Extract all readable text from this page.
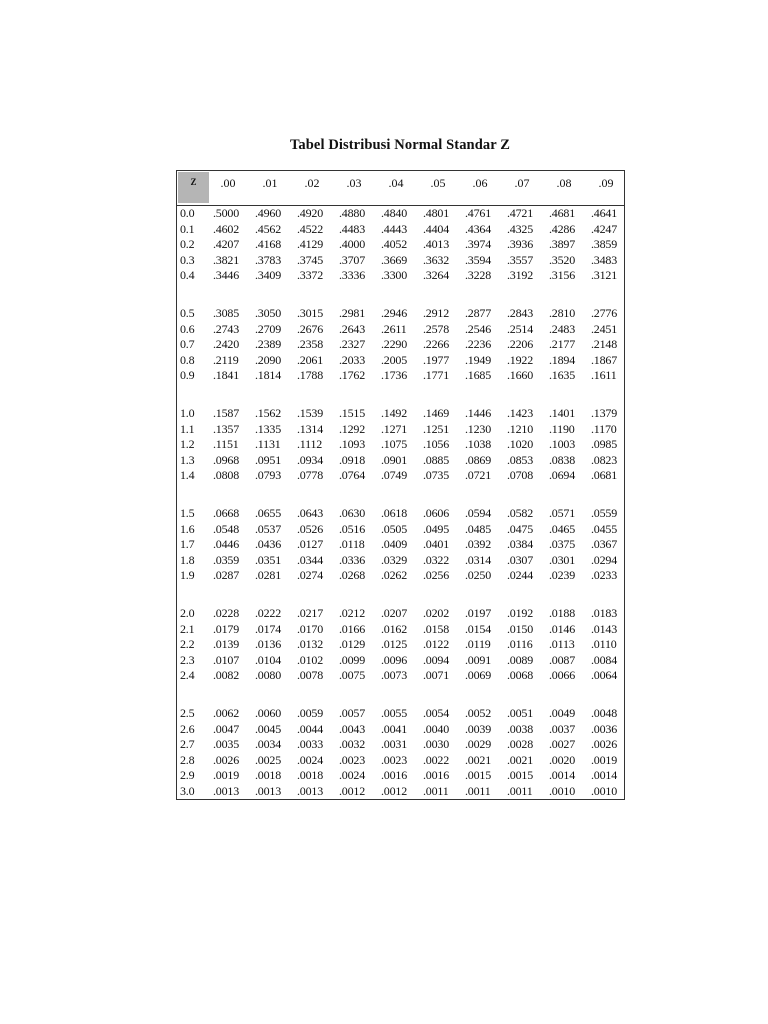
Tabel Distribusi Normal Standar Z
Z	.00	.01	.02	.03	.04	.05	.06	.07	.08	.09
0.0	.5000 .4960 .4920 .4880 .4840 .4801 .4761 .4721 .4681 .4641
0.1	.4602 .4562 .4522 .4483 .4443 .4404 .4364 .4325 .4286 .4247
0.2	.4207 .4168 .4129 .4000 .4052 .4013 .3974 .3936 .3897 .3859
0.3	.3821 .3783 .3745 .3707 .3669 .3632 .3594 .3557 .3520 .3483
0.4	.3446 .3409 .3372 .3336 .3300 .3264 .3228 .3192 .3156 .3121
0.5	.3085 .3050 .3015 .2981 .2946 .2912 .2877 .2843 .2810 .2776
0.6	.2743 .2709 .2676 .2643 .2611 .2578 .2546 .2514 .2483 .2451
0.7	.2420 .2389 .2358 .2327 .2290 .2266 .2236 .2206 .2177 .2148
0.8	.2119 .2090 .2061 .2033 .2005 .1977 .1949 .1922 .1894 .1867
0.9	.1841 .1814 .1788 .1762 .1736 .1771 .1685 .1660 .1635 .1611
1.0	.1587 .1562 .1539 .1515 .1492 .1469 .1446 .1423 .1401 .1379
1.1	.1357 .1335 .1314 .1292 .1271 .1251 .1230 .1210 .1190 .1170
1.2	.1151 .1131 .1112 .1093 .1075 .1056 .1038 .1020 .1003 .0985
1.3	.0968 .0951 .0934 .0918 .0901 .0885 .0869 .0853 .0838 .0823
1.4	.0808 .0793 .0778 .0764 .0749 .0735 .0721 .0708 .0694 .0681
1.5	.0668 .0655 .0643 .0630 .0618 .0606 .0594 .0582 .0571 .0559
1.6	.0548 .0537 .0526 .0516 .0505 .0495 .0485 .0475 .0465 .0455
1.7	.0446 .0436 .0127 .0118 .0409 .0401 .0392 .0384 .0375 .0367
1.8	.0359 .0351 .0344 .0336 .0329 .0322 .0314 .0307 .0301 .0294
1.9	.0287 .0281 .0274 .0268 .0262 .0256 .0250 .0244 .0239 .0233
2.0	.0228 .0222 .0217 .0212 .0207 .0202 .0197 .0192 .0188 .0183
2.1	.0179 .0174 .0170 .0166 .0162 .0158 .0154 .0150 .0146 .0143
2.2	.0139 .0136 .0132 .0129 .0125 .0122 .0119 .0116 .0113 .0110
2.3	.0107 .0104 .0102 .0099 .0096 .0094 .0091 .0089 .0087 .0084
2.4	.0082 .0080 .0078 .0075 .0073 .0071 .0069 .0068 .0066 .0064
2.5	.0062 .0060 .0059 .0057 .0055 .0054 .0052 .0051 .0049 .0048
2.6	.0047 .0045 .0044 .0043 .0041 .0040 .0039 .0038 .0037 .0036
2.7	.0035 .0034 .0033 .0032 .0031 .0030 .0029 .0028 .0027 .0026
2.8	.0026 .0025 .0024 .0023 .0023 .0022 .0021 .0021 .0020 .0019
2.9	.0019 .0018 .0018 .0024 .0016 .0016 .0015 .0015 .0014 .0014
3.0	.0013 .0013 .0013 .0012 .0012 .0011 .0011 .0011 .0010 .0010
